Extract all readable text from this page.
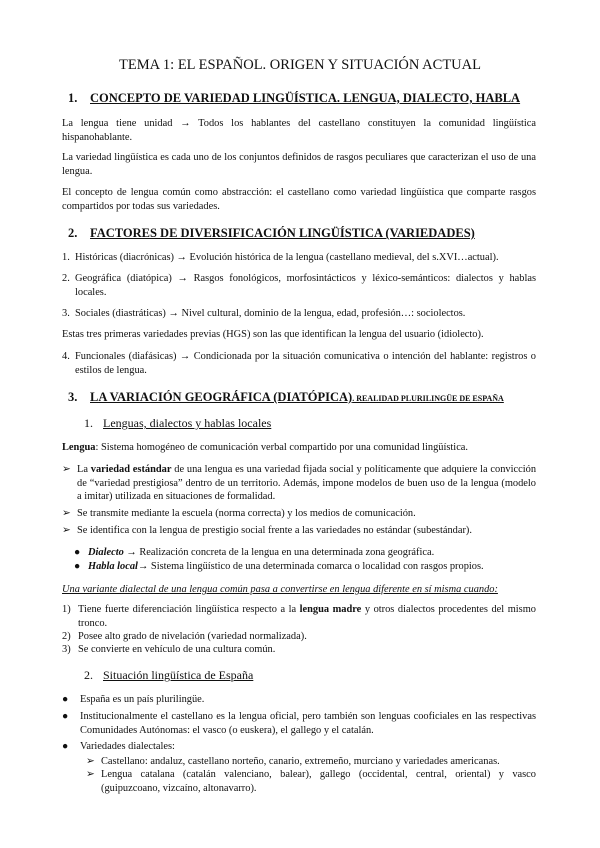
TEMA 1: EL ESPAÑOL. ORIGEN Y SITUACIÓN ACTUAL
1. CONCEPTO DE VARIEDAD LINGÜÍSTICA. LENGUA, DIALECTO, HABLA
La lengua tiene unidad → Todos los hablantes del castellano constituyen la comunidad lingüística hispanohablante.
La variedad lingüística es cada uno de los conjuntos definidos de rasgos peculiares que caracterizan el uso de una lengua.
El concepto de lengua común como abstracción: el castellano como variedad lingüística que comparte rasgos compartidos por todas sus variedades.
2. FACTORES DE DIVERSIFICACIÓN LINGÜÍSTICA (VARIEDADES)
1. Históricas (diacrónicas) → Evolución histórica de la lengua (castellano medieval, del s.XVI…actual).
2. Geográfica (diatópica) → Rasgos fonológicos, morfosintácticos y léxico-semánticos: dialectos y hablas locales.
3. Sociales (diastráticas) → Nivel cultural, dominio de la lengua, edad, profesión…: sociolectos.
Estas tres primeras variedades previas (HGS) son las que identifican la lengua del usuario (idiolecto).
4. Funcionales (diafásicas) → Condicionada por la situación comunicativa o intención del hablante: registros o estilos de lengua.
3. LA VARIACIÓN GEOGRÁFICA (DIATÓPICA). REALIDAD PLURILINGÜE DE ESPAÑA
1. Lenguas, dialectos y hablas locales
Lengua: Sistema homogéneo de comunicación verbal compartido por una comunidad lingüística.
➢ La variedad estándar de una lengua es una variedad fijada social y políticamente que adquiere la convicción de “variedad prestigiosa” dentro de un territorio. Además, impone modelos de buen uso de la lengua (modelo a imitar) utilizada en situaciones de formalidad.
➢ Se transmite mediante la escuela (norma correcta) y los medios de comunicación.
➢ Se identifica con la lengua de prestigio social frente a las variedades no estándar (subestándar).
● Dialecto → Realización concreta de la lengua en una determinada zona geográfica.
● Habla local→ Sistema lingüístico de una determinada comarca o localidad con rasgos propios.
Una variante dialectal de una lengua común pasa a convertirse en lengua diferente en sí misma cuando:
1) Tiene fuerte diferenciación lingüística respecto a la lengua madre y otros dialectos procedentes del mismo tronco.
2) Posee alto grado de nivelación (variedad normalizada).
3) Se convierte en vehículo de una cultura común.
2. Situación lingüística de España
●	España es un país plurilingüe.
●	Institucionalmente el castellano es la lengua oficial, pero también son lenguas cooficiales en las respectivas Comunidades Autónomas: el vasco (o euskera), el gallego y el catalán.
●	Variedades dialectales:
➢ Castellano: andaluz, castellano norteño, canario, extremeño, murciano y variedades americanas.
➢ Lengua catalana (catalán valenciano, balear), gallego (occidental, central, oriental) y vasco (guipuzcoano, vizcaíno, altonavarro).
